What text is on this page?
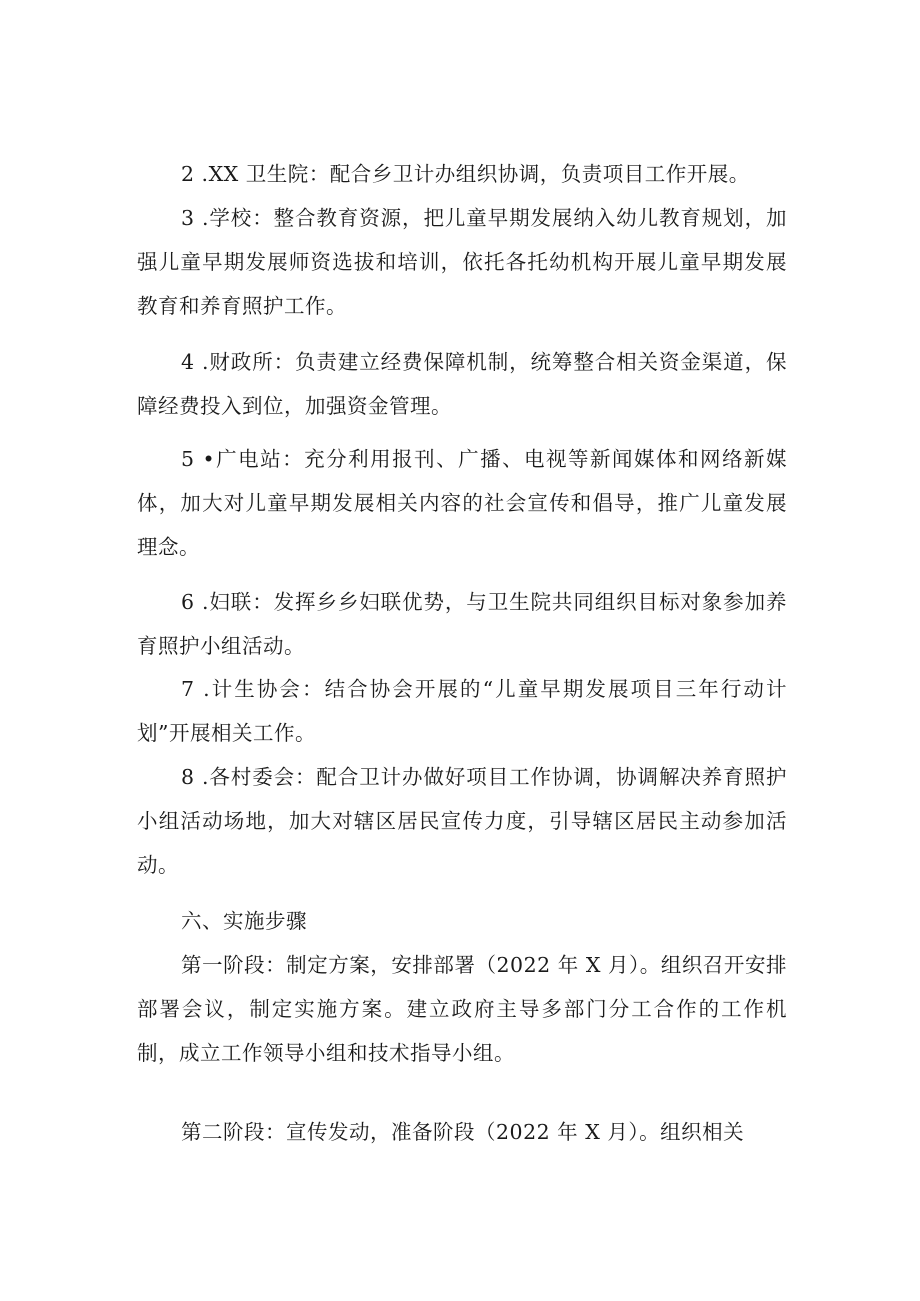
2 .XX 卫生院：配合乡卫计办组织协调，负责项目工作开展。

3 .学校：整合教育资源，把儿童早期发展纳入幼儿教育规划，加强儿童早期发展师资选拔和培训，依托各托幼机构开展儿童早期发展教育和养育照护工作。

4 .财政所：负责建立经费保障机制，统筹整合相关资金渠道，保障经费投入到位，加强资金管理。

5 •广电站：充分利用报刊、广播、电视等新闻媒体和网络新媒体，加大对儿童早期发展相关内容的社会宣传和倡导，推广儿童发展理念。

6 .妇联：发挥乡乡妇联优势，与卫生院共同组织目标对象参加养育照护小组活动。

7 .计生协会：结合协会开展的“儿童早期发展项目三年行动计划”开展相关工作。

8 .各村委会：配合卫计办做好项目工作协调，协调解决养育照护小组活动场地，加大对辖区居民宣传力度，引导辖区居民主动参加活动。

六、实施步骤

第一阶段：制定方案，安排部署（2022 年 X 月）。组织召开安排部署会议，制定实施方案。建立政府主导多部门分工合作的工作机制，成立工作领导小组和技术指导小组。

第二阶段：宣传发动，准备阶段（2022 年 X 月）。组织相关
